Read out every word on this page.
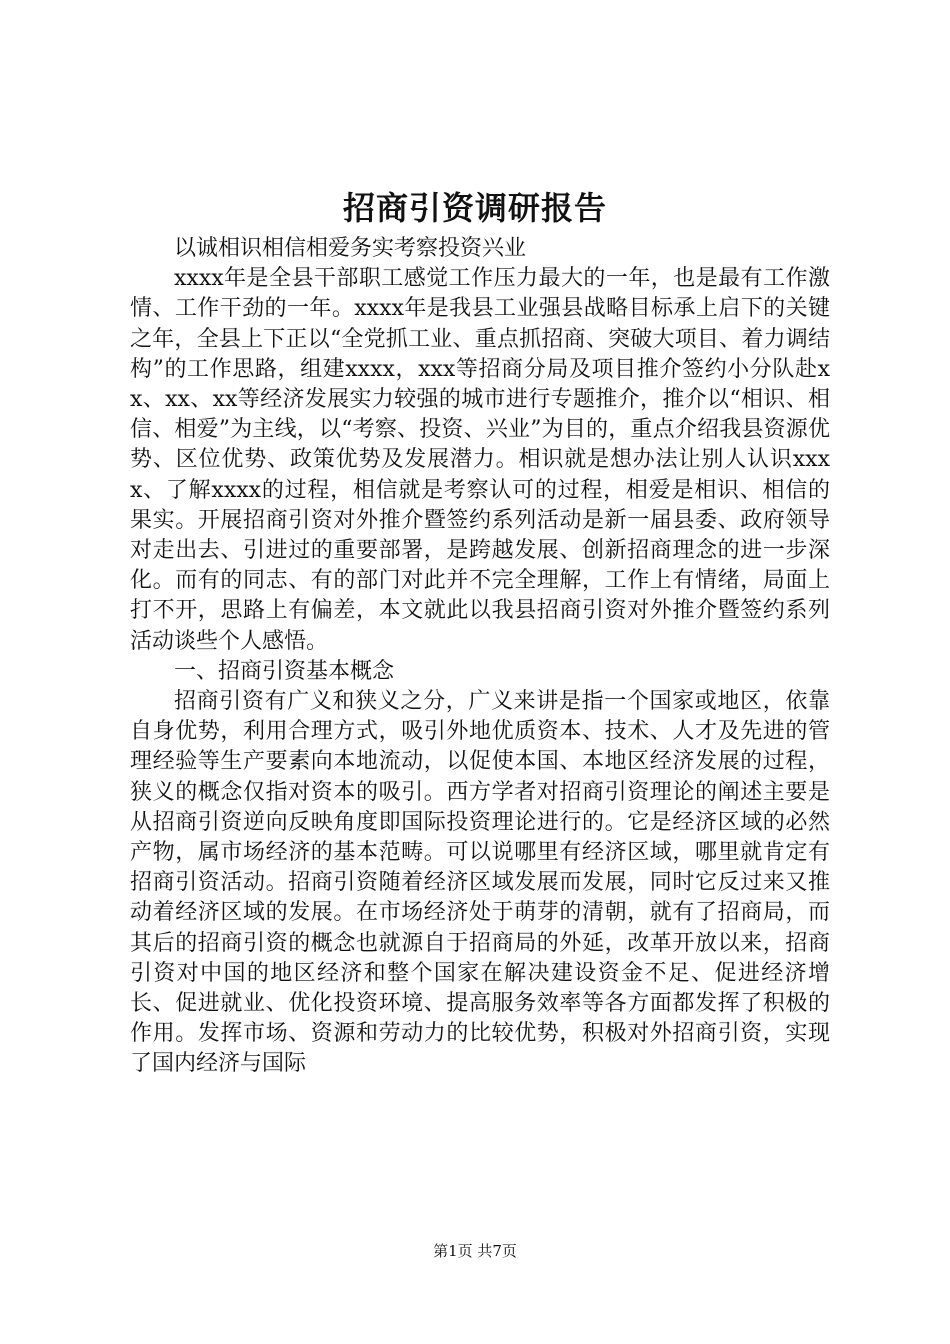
招商引资调研报告

以诚相识相信相爱务实考察投资兴业

xxxx年是全县干部职工感觉工作压力最大的一年，也是最有工作激情、工作干劲的一年。xxxx年是我县工业强县战略目标承上启下的关键之年，全县上下正以“全党抓工业、重点抓招商、突破大项目、着力调结构”的工作思路，组建xxxx，xxx等招商分局及项目推介签约小分队赴xx、xx、xx等经济发展实力较强的城市进行专题推介，推介以“相识、相信、相爱”为主线，以“考察、投资、兴业”为目的，重点介绍我县资源优势、区位优势、政策优势及发展潜力。相识就是想办法让别人认识xxxx、了解xxxx的过程，相信就是考察认可的过程，相爱是相识、相信的果实。开展招商引资对外推介暨签约系列活动是新一届县委、政府领导对走出去、引进过的重要部署，是跨越发展、创新招商理念的进一步深化。而有的同志、有的部门对此并不完全理解，工作上有情绪，局面上打不开，思路上有偏差，本文就此以我县招商引资对外推介暨签约系列活动谈些个人感悟。

一、招商引资基本概念

招商引资有广义和狭义之分，广义来讲是指一个国家或地区，依靠自身优势，利用合理方式，吸引外地优质资本、技术、人才及先进的管理经验等生产要素向本地流动，以促使本国、本地区经济发展的过程，狭义的概念仅指对资本的吸引。西方学者对招商引资理论的阐述主要是从招商引资逆向反映角度即国际投资理论进行的。它是经济区域的必然产物，属市场经济的基本范畴。可以说哪里有经济区域，哪里就肯定有招商引资活动。招商引资随着经济区域发展而发展，同时它反过来又推动着经济区域的发展。在市场经济处于萌芽的清朝，就有了招商局，而其后的招商引资的概念也就源自于招商局的外延，改革开放以来，招商引资对中国的地区经济和整个国家在解决建设资金不足、促进经济增长、促进就业、优化投资环境、提高服务效率等各方面都发挥了积极的作用。发挥市场、资源和劳动力的比较优势，积极对外招商引资，实现了国内经济与国际

第1页 共7页
